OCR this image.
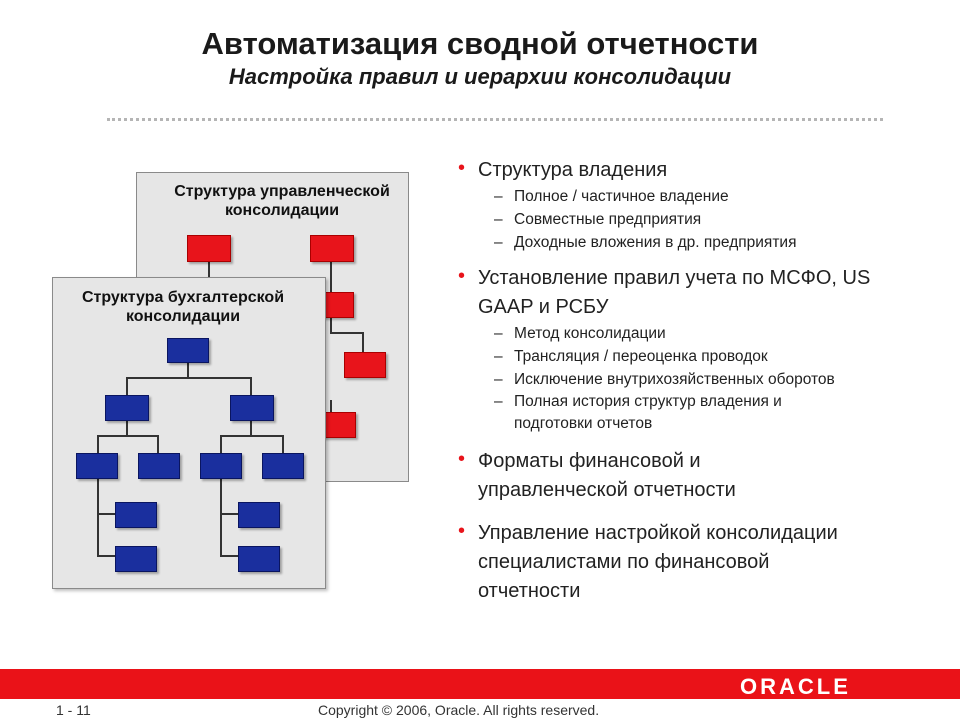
Автоматизация сводной отчетности
Настройка правил и иерархии консолидации
Структура управленческой консолидации
Структура бухгалтерской консолидации
• Структура владения
– Полное / частичное владение
– Совместные предприятия
– Доходные вложения в др. предприятия
• Установление правил учета по МСФО, US GAAP и РСБУ
– Метод консолидации
– Трансляция / переоценка проводок
– Исключение внутрихозяйственных оборотов
– Полная история структур владения и подготовки отчетов
• Форматы финансовой и управленческой отчетности
• Управление настройкой консолидации специалистами по финансовой отчетности
ORACLE
1 - 11	Copyright © 2006, Oracle. All rights reserved.
